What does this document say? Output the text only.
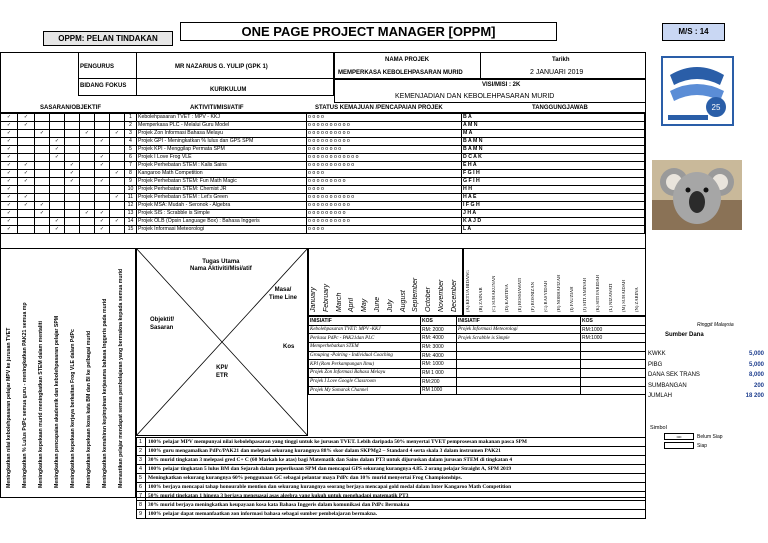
OPPM: PELAN TINDAKAN	ONE PAGE PROJECT MANAGER [OPPM]	M/S : 14
PENGURUS	MR NAZARIUS G. YULIP (GPK 1)
BIDANG FOKUS
KURIKULUM
NAMA PROJEK
MEMPERKASA KEBOLEHPASARAN MURID
Tarikh
2 JANUARI 2019
VISI/MISI : 2K
KEMENJADIAN DAN KEBOLEHPASARAN MURID
25
SASARAN/OBJEKTIF	AKTIVITI/MISI/ATIF	STATUS KEMAJUAN /PENCAPAIAN PROJEK	TANGGUNGJAWAB
✓	✓							1	Kebolehpasaran TVET : MPV - KKJ	o o o o	B A
✓	✓							2	Memperkasa PLC - Melalui Guru Model	o o o o o o o o o o	A M N
✓		✓			✓		✓	3	Projek Zon Informasi Bahasa Melayu	o o o o o o o o o o	M A
✓			✓			✓		4	Projek GPI - Meningkatkan % lulus dan GPS SPM	o o o o o o o o o o	B A M N
✓			✓					5	Projek KPI - Menggilap Permata SPM	o o o o o o o o	B A M N
✓			✓			✓		6	Projek I Love Frog VLE	o o o o o o o o o o o o	D C A K
✓	✓			✓		✓		7	Projek Perhebatan STEM : Kalis Sains	o o o o o o o o o o o	E H A
✓	✓			✓			✓	8	Kangaroo Math Competition	o o o o	F G I H
✓	✓			✓		✓		9	Projek Perhebatan STEM: Fun Math Magic	o o o o o o o o o	G F I H
✓								10	Projek Perhebatan STEM: Chemist JR	o o o o	H H
✓	✓						✓	11	Projek Perhebatan STEM : Let's Green	o o o o o o o o o o o	H A E
✓	✓	✓						12	Projek MSA: Mudah - Seronok - Algebra	o o o o o o o o o o	I F G H
✓		✓			✓	✓		13	Projek SIS : Scrabble is Simple	o o o o o o o o o	J H A
✓			✓			✓	✓	14	Projek OLB (Opsin Language Box) : Bahasa Inggeris	o o o o o o o o o o	K A J D
✓			✓			✓		15	Projek Informasi Meteorologi	o o o o	L A
Meningkatkan nilai kebolehpasaran pelajar MPV ke jurusan TVET Meningkatkan % Lulus PdPc semua guru - meningkatkan PAK21 semua mp Meningkatkan kepekaan murid meningkatkan STEM dalam mentaliti Meningkatkan pencapaian akademik dan kebolehpasaran pelajar SPM Meningkatkan kepekaan kerjaya berkaitan Frog VLE dalam PdPc Meningkatkan kepekaan kosa kata BM dan BI ke pelbagai murid Meningkatkan kemahiran kepimpinan kerjasama bahasa Inggeris pada murid Memastikan pelajar mendapat semua pembelajaran yang bermakna kepada semua murid
Tugas Utama
Nama Aktiviti/Misi/atif
Masa/ Time Line
Objektif/ Sasaran
Kos
KPI/ ETR
January February March April May June July August September October November December (A) KETUA BIDANG (B) ZAINAB (C) SUHAKUNAN (D) KARTINA (E) ROSMAWATI (F) ROSNIZAN (G) RASYIDAH (H) NORHAFIZAH (I) FAUZIAH (J) SITI AMINAH (K) SITI FARIDAH (L) NIZAWATI (M) SUHAIDAH (N) ZARINA
INISIATIF	KOS	INISIATIF	KOS
Kebolehpasaran TVET: MPV -KKJ	RM: 2000	Projek Informasi Meteorologi	RM:1000
Perkasa PdPc - PAK21dan PLC	RM: 4000	Projek Scrabble is Simple	RM:1000
Memperhebatkan STEM	RM: 3000		
Grouping -Pairing - Individual Coaching	RM: 4000		
KPI (Rom Perkampungan Ilmu)	RM: 1000		
Projek Zon Informasi Bahasa Melayu	RM 1 000		
Projek I Love Google Classroom	RM:200		
Projek My Somarak Channel	RM 1000		
1	100% pelajar MPV mempunyai nilai kebolehpasaran yang tinggi untuk ke jurusan TVET. Lebih daripada 50% menyertai TVET pemprosesan makanan pasca SPM
2	100% guru mengamalkan PdPc/PAK21 dan melepasi sekurang kurangnya 88% skor dalam SKPMg2 – Standard 4 serta skala 3 dalam instrumen PAK21
3	30% murid tingkatan 3 melepasi gred C+ C (60 Markah ke atas) bagi Matematik dan Sains dalam PT3 untuk dijuruskan dalam jurusan STEM di tingkatan 4
4	100% pelajar tingkatan 5 lulus BM dan Sejarah dalam peperiksaan SPM dan mencapai GPS sekurang kurangnya 4.85. 2 orang pelajar Straight A, SPM 2019
5	Meningkatkan sekurang kurangnya 60% penggunaan GC sebagai pelantar maya PdPc dan 10% murid menyertai Frog Championships.
6	100% berjaya mencapai tahap honourable mention dan sekurang kurangnya seorang berjaya mencapai gold medal dalam Inter Kangaroo Math Competition
7	50% murid tingkatan 1 hingga 3 berjaya menguasai asas algebra yang kukuh untuk menghadapi matematik PT3
8	30% murid berjaya meningkatkan keupayaan kosa kata Bahasa Inggeris dalam komunikasi dan PdPc Bermakna
9	100% pelajar dapat memanfaatkan zon informasi bahasa sebagai sumber pembelajaran bermakna.
Ringgit Malaysia
Sumber Dana
KWKK	5,000
PIBG	5,000
DANA SEK TRANS	8,000
SUMBANGAN	200
JUMLAH	18 200
Simbol
•o•	Belum Siap
Siap
